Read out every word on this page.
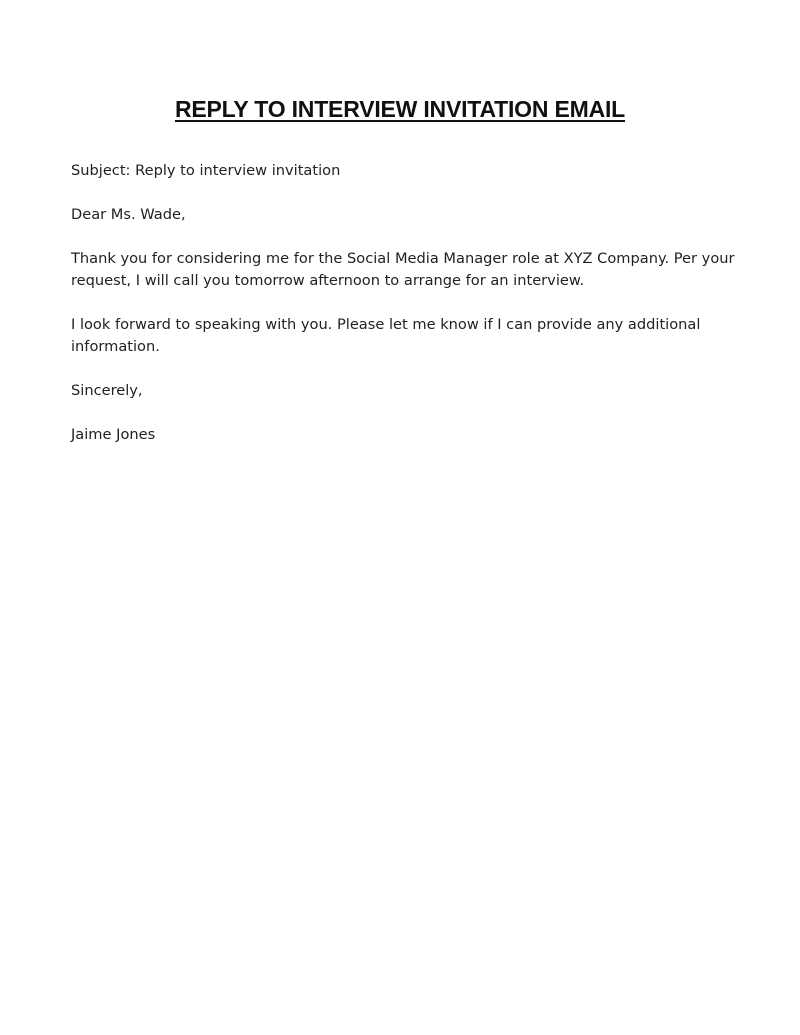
REPLY TO INTERVIEW INVITATION EMAIL

Subject: Reply to interview invitation

Dear Ms. Wade,

Thank you for considering me for the Social Media Manager role at XYZ Company. Per your request, I will call you tomorrow afternoon to arrange for an interview.

I look forward to speaking with you. Please let me know if I can provide any additional information.

Sincerely,

Jaime Jones
